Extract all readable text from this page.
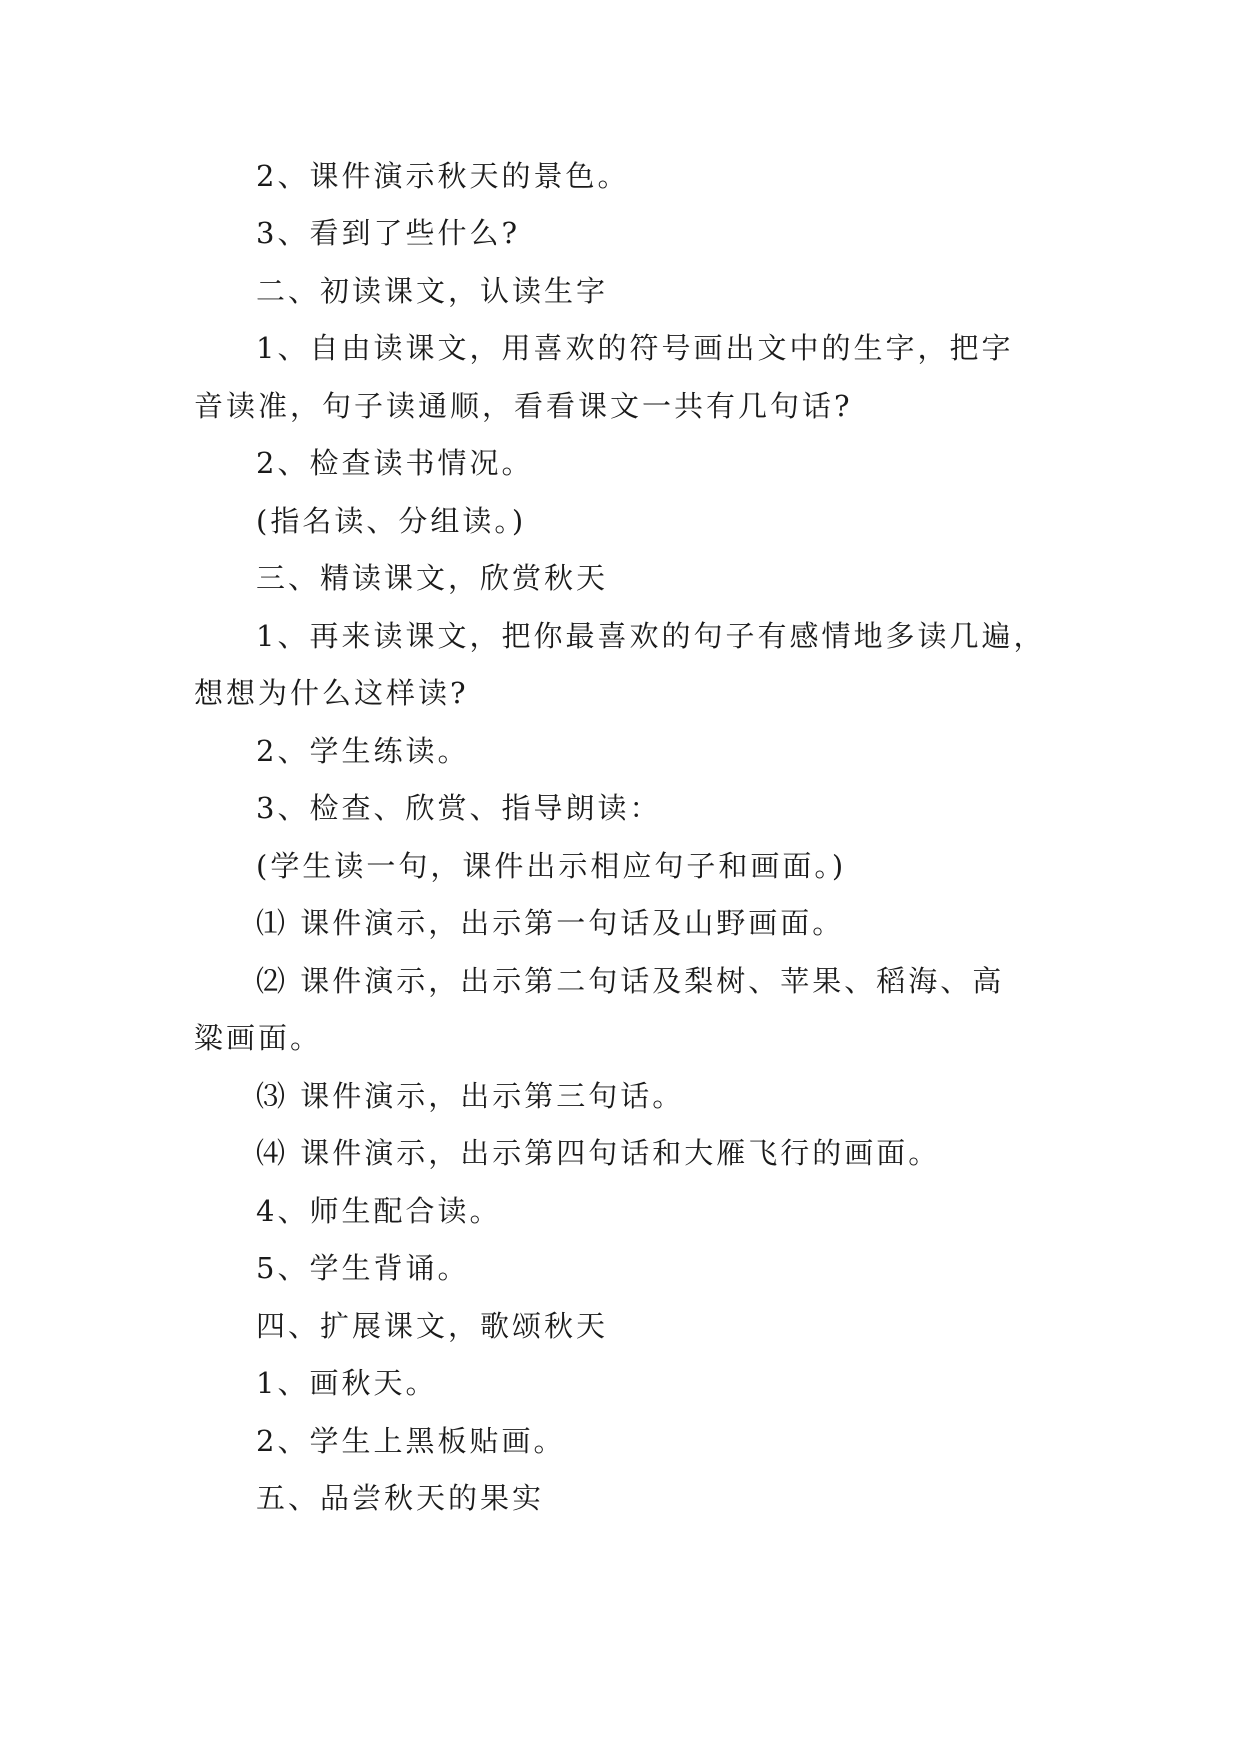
2、课件演示秋天的景色。
3、看到了些什么?
二、初读课文，认读生字
1、自由读课文，用喜欢的符号画出文中的生字，把字
音读准，句子读通顺，看看课文一共有几句话?
2、检查读书情况。
(指名读、分组读。)
三、精读课文，欣赏秋天
1、再来读课文，把你最喜欢的句子有感情地多读几遍，
想想为什么这样读?
2、学生练读。
3、检查、欣赏、指导朗读：
(学生读一句，课件出示相应句子和画面。)
⑴ 课件演示，出示第一句话及山野画面。
⑵ 课件演示，出示第二句话及梨树、苹果、稻海、高
粱画面。
⑶ 课件演示，出示第三句话。
⑷ 课件演示，出示第四句话和大雁飞行的画面。
4、师生配合读。
5、学生背诵。
四、扩展课文，歌颂秋天
1、画秋天。
2、学生上黑板贴画。
五、品尝秋天的果实
